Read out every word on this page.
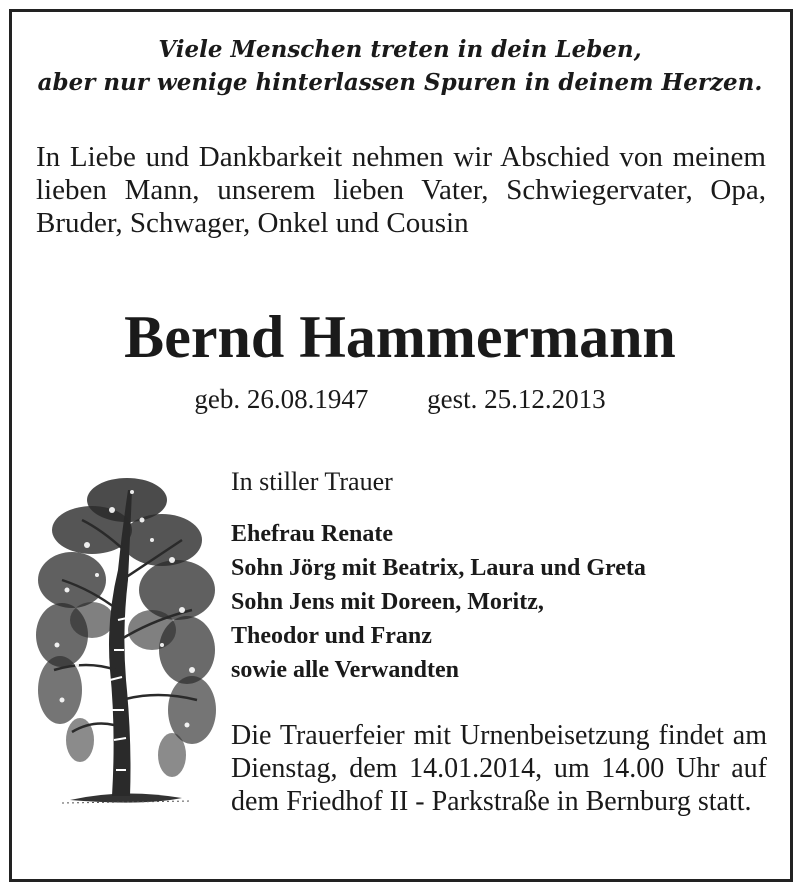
Viele Menschen treten in dein Leben,
aber nur wenige hinterlassen Spuren in deinem Herzen.
In Liebe und Dankbarkeit nehmen wir Abschied von meinem lieben Mann, unserem lieben Vater, Schwiegervater, Opa, Bruder, Schwager, Onkel und Cousin
Bernd Hammermann
geb. 26.08.1947 gest. 25.12.2013
In stiller Trauer
Ehefrau Renate
Sohn Jörg mit Beatrix, Laura und Greta
Sohn Jens mit Doreen, Moritz,
Theodor und Franz
sowie alle Verwandten
Die Trauerfeier mit Urnenbeisetzung findet am Dienstag, dem 14.01.2014, um 14.00 Uhr auf dem Friedhof II - Parkstraße in Bernburg statt.
